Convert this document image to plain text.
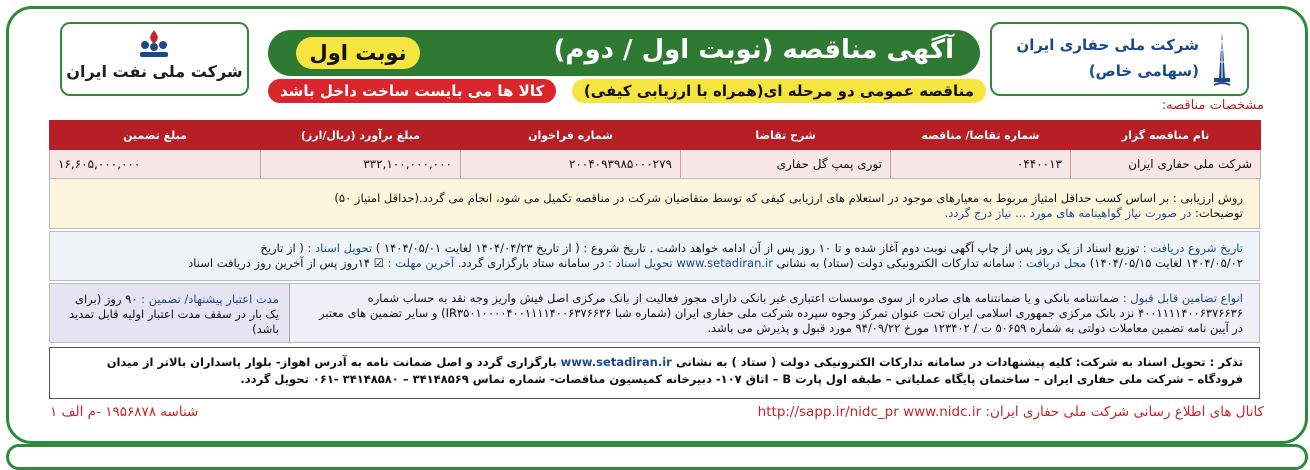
شرکت ملی نفت ایران
شرکت ملی حفاری ایران
(سهامی خاص)
آگهی مناقصه (نوبت اول / دوم)
نوبت اول
مناقصه عمومی دو مرحله ای(همراه با ارزیابی کیفی)
کالا ها می بایست ساخت داخل باشد
مشخصات مناقصه:
نام مناقصه گزار	شماره تقاضا/ مناقصه	شرح تقاضا	شماره فراخوان	مبلغ برآورد (ریال/ارز)	مبلغ تضمین
شرکت ملی حفاری ایران	۰۴۴۰۰۱۳	توری پمپ گل حفاری	۲۰۰۴۰۹۳۹۸۵۰۰۰۲۷۹	۳۳۲,۱۰۰,۰۰۰,۰۰۰	۱۶,۶۰۵,۰۰۰,۰۰۰
روش ارزیابی : بر اساس کسب حداقل امتیاز مربوط به معیارهای موجود در استعلام های ارزیابی کیفی که توسط متقاضیان شرکت در مناقصه تکمیل می شود، انجام می گردد.(حداقل امتیاز ۵۰)
توضیحات: در صورت نیاز گواهینامه های مورد ... نیاز درج گردد.
تاریخ شروع دریافت : توزیع اسناد از یک روز پس از چاپ آگهی نوبت دوم آغاز شده و تا ۱۰ روز پس از آن ادامه خواهد داشت . تاریخ شروع : ( از تاریخ ۱۴۰۴/۰۴/۲۳ لغایت ۱۴۰۴/۰۵/۰۱ ) تحویل اسناد : ( از تاریخ
۱۴۰۴/۰۵/۰۲ لغایت ۱۴۰۴/۰۵/۱۵) محل دریافت : سامانه تدارکات الکترونیکی دولت (ستاد) به نشانی www.setadiran.ir تحویل اسناد : در سامانه ستاد بارگزاری گردد. آخرین مهلت : ☑ ۱۴روز پس از آخرین روز دریافت اسناد
انواع تضامین قابل قبول : ضمانتنامه بانکی و یا ضمانتنامه های صادره از سوی موسسات اعتباری غیر بانکی دارای مجوز فعالیت از بانک مرکزی اصل فیش واریز وجه نقد به حساب شماره ۴۰۰۱۱۱۱۴۰۰۶۳۷۶۶۳۶ نزد بانک مرکزی جمهوری اسلامی ایران تحت عنوان تمرکز وجوه سپرده شرکت ملی حفاری ایران (شماره شبا IR۳۵۰۱۰۰۰۰۴۰۰۱۱۱۱۴۰۰۶۳۷۶۶۳۶) و سایر تضمین های معتبر در آیین نامه تضمین معاملات دولتی به شماره ۵۰۶۵۹ ت / ۱۲۳۴۰۲ مورخ ۹۴/۰۹/۲۲ مورد قبول و پذیرش می باشد.
مدت اعتبار پیشنهاد/ تضمین : ۹۰ روز (برای یک بار در سقف مدت اعتبار اولیه قابل تمدید باشد)
تذکر : تحویل اسناد به شرکت: کلیه پیشنهادات در سامانه تدارکات الکترونیکی دولت ( ستاد ) به نشانی www.setadiran.ir بارگزاری گردد و اصل ضمانت نامه به آدرس اهواز- بلوار پاسداران بالاتر از میدان فرودگاه – شرکت ملی حفاری ایران – ساختمان پایگاه عملیاتی – طبقه اول پارت B – اتاق ۱۰۷- دبیرخانه کمیسیون مناقصات- شماره تماس ۳۴۱۴۸۵۶۹ – ۳۴۱۴۸۵۸۰ -۰۶۱ تحویل گردد.
کانال های اطلاع رسانی شرکت ملی حفاری ایران: http://sapp.ir/nidc_pr www.nidc.ir
شناسه ۱۹۵۶۸۷۸ -م الف ۱
